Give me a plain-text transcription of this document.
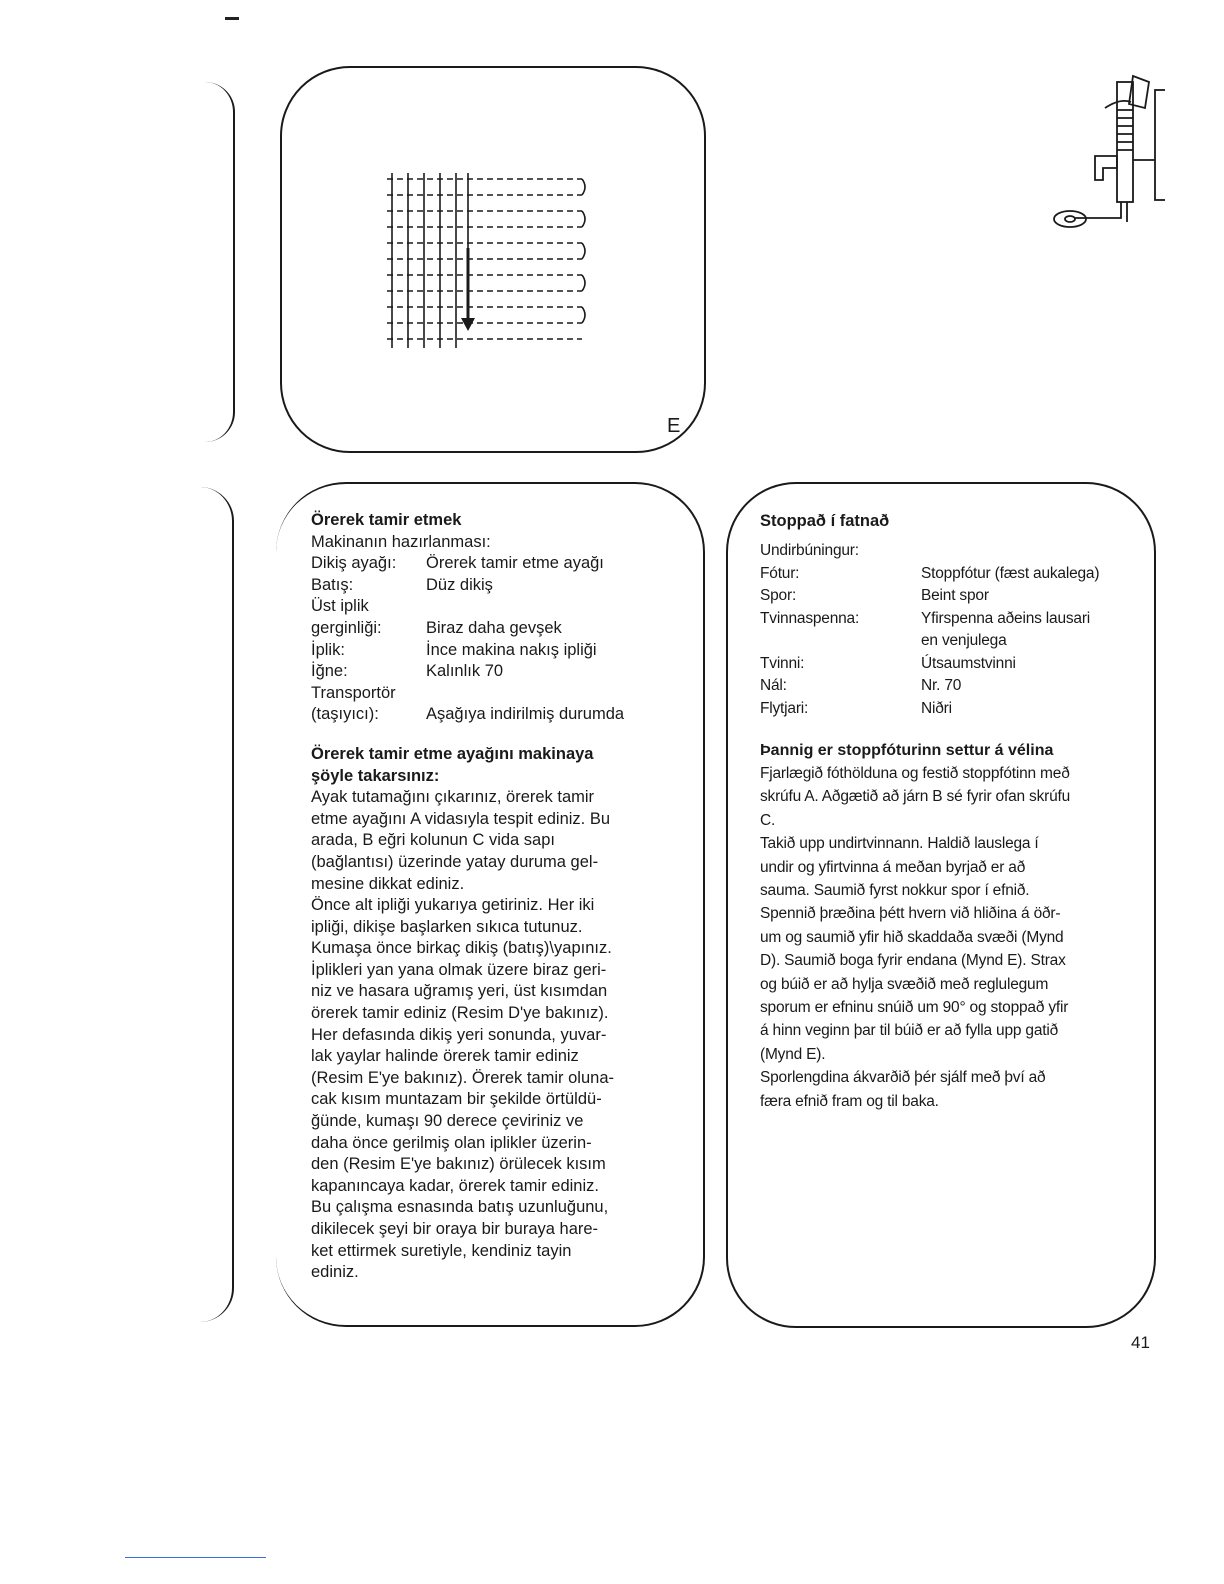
E
Örerek tamir etmek
Makinanın hazırlanması:
Dikiş ayağı:	Örerek tamir etme ayağı
Batış:	Düz dikiş
Üst iplik
gerginliği:	Biraz daha gevşek
İplik:	İnce makina nakış ipliği
İğne:	Kalınlık 70
Transportör
(taşıyıcı):	Aşağıya indirilmiş durumda
Örerek tamir etme ayağını makinaya
şöyle takarsınız:
Ayak tutamağını çıkarınız, örerek tamir
etme ayağını A vidasıyla tespit ediniz. Bu
arada, B eğri kolunun C vida sapı
(bağlantısı) üzerinde yatay duruma gel-
mesine dikkat ediniz.
Önce alt ipliği yukarıya getiriniz. Her iki
ipliği, dikişe başlarken sıkıca tutunuz.
Kumaşa önce birkaç dikiş (batış)\yapınız.
İplikleri yan yana olmak üzere biraz geri-
niz ve hasara uğramış yeri, üst kısımdan
örerek tamir ediniz (Resim D'ye bakınız).
Her defasında dikiş yeri sonunda, yuvar-
lak yaylar halinde örerek tamir ediniz
(Resim E'ye bakınız). Örerek tamir oluna-
cak kısım muntazam bir şekilde örtüldü-
ğünde, kumaşı 90 derece çeviriniz ve
daha önce gerilmiş olan iplikler üzerin-
den (Resim E'ye bakınız) örülecek kısım
kapanıncaya kadar, örerek tamir ediniz.
Bu çalışma esnasında batış uzunluğunu,
dikilecek şeyi bir oraya bir buraya hare-
ket ettirmek suretiyle, kendiniz tayin
ediniz.
Stoppað í fatnað
Undirbúningur:
Fótur:	Stoppfótur (fæst aukalega)
Spor:	Beint spor
Tvinnaspenna:	Yfirspenna aðeins lausari
en venjulega
Tvinni:	Útsaumstvinni
Nál:	Nr. 70
Flytjari:	Niðri
Þannig er stoppfóturinn settur á vélina
Fjarlægið fóthölduna og festið stoppfótinn með
skrúfu A. Aðgætið að járn B sé fyrir ofan skrúfu
C.
Takið upp undirtvinnann. Haldið lauslega í
undir og yfirtvinna á meðan byrjað er að
sauma. Saumið fyrst nokkur spor í efnið.
Spennið þræðina þétt hvern við hliðina á öðr-
um og saumið yfir hið skaddaða svæði (Mynd
D). Saumið boga fyrir endana (Mynd E). Strax
og búið er að hylja svæðið með reglulegum
sporum er efninu snúið um 90° og stoppað yfir
á hinn veginn þar til búið er að fylla upp gatið
(Mynd E).
Sporlengdina ákvarðið þér sjálf með því að
færa efnið fram og til baka.
41
